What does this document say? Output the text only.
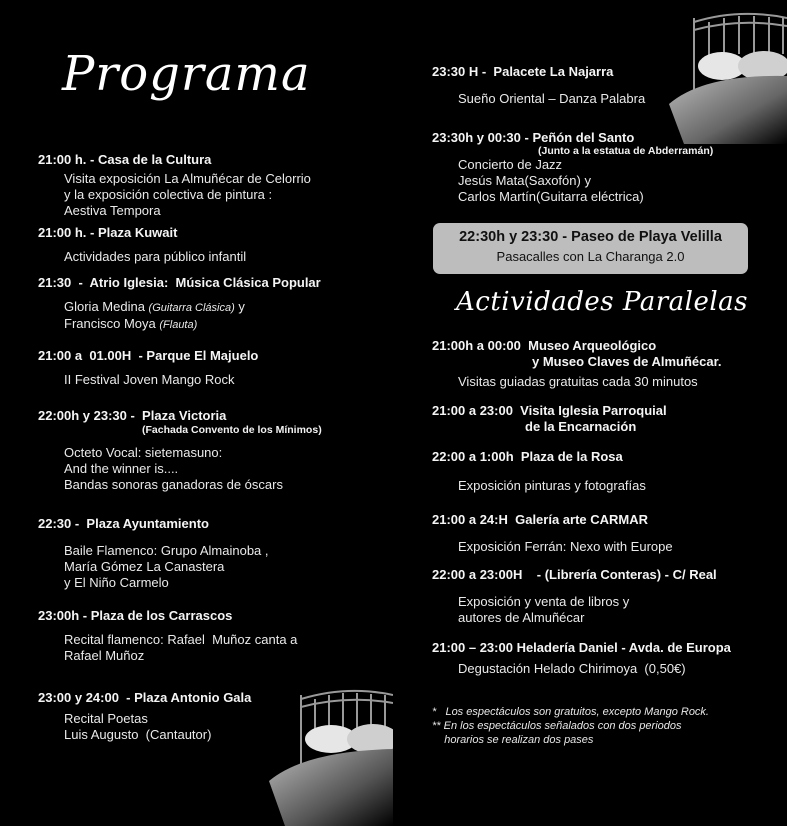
Programa
21:00 h. - Casa de la Cultura
Visita exposición La Almuñécar de Celorrio
y la exposición colectiva de pintura :
Aestiva Tempora
21:00 h. - Plaza Kuwait
Actividades para público infantil
21:30  -  Atrio Iglesia:  Música Clásica Popular
Gloria Medina (Guitarra Clásica) y
Francisco Moya (Flauta)
21:00 a  01.00H  - Parque El Majuelo
II Festival Joven Mango Rock
22:00h y 23:30 -  Plaza Victoria
(Fachada Convento de los Mínimos)
Octeto Vocal: sietemasuno:
And the winner is....
Bandas sonoras ganadoras de óscars
22:30 -  Plaza Ayuntamiento
Baile Flamenco: Grupo Almainoba ,
María Gómez La Canastera
y El Niño Carmelo
23:00h - Plaza de los Carrascos
Recital flamenco: Rafael  Muñoz canta a
Rafael Muñoz
23:00 y 24:00  - Plaza Antonio Gala
Recital Poetas
Luis Augusto  (Cantautor)
23:30 H -  Palacete La Najarra
Sueño Oriental – Danza Palabra
23:30h y 00:30 - Peñón del Santo
(Junto a la estatua de Abderramán)
Concierto de Jazz
Jesús Mata(Saxofón) y
Carlos Martín(Guitarra eléctrica)
22:30h y 23:30 - Paseo de Playa Velilla
Pasacalles con La Charanga 2.0
Actividades Paralelas
21:00h a 00:00  Museo Arqueológico
y Museo Claves de Almuñécar.
Visitas guiadas gratuitas cada 30 minutos
21:00 a 23:00  Visita Iglesia Parroquial
de la Encarnación
22:00 a 1:00h  Plaza de la Rosa
Exposición pinturas y fotografías
21:00 a 24:H  Galería arte CARMAR
Exposición Ferrán: Nexo with Europe
22:00 a 23:00H    - (Librería Conteras) - C/ Real
Exposición y venta de libros y
autores de Almuñécar
21:00 – 23:00 Heladería Daniel - Avda. de Europa
Degustación Helado Chirimoya  (0,50€)
*   Los espectáculos son gratuitos, excepto Mango Rock.
** En los espectáculos señalados con dos periodos
horarios se realizan dos pases
